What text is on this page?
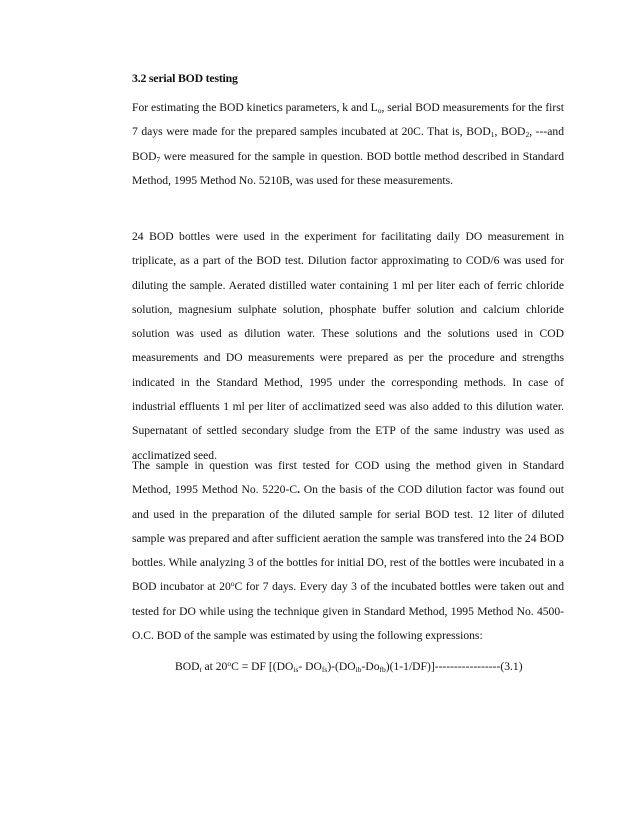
3.2 serial BOD testing

For estimating the BOD kinetics parameters, k and $L_o$, serial BOD measurements for the first 7 days were made for the prepared samples incubated at 20C. That is, $BOD_1$, $BOD_2$, ---and $BOD_7$ were measured for the sample in question. BOD bottle method described in Standard Method, 1995 Method No. 5210B, was used for these measurements.

24 BOD bottles were used in the experiment for facilitating daily DO measurement in triplicate, as a part of the BOD test. Dilution factor approximating to COD/6 was used for diluting the sample. Aerated distilled water containing 1 ml per liter each of ferric chloride solution, magnesium sulphate solution, phosphate buffer solution and calcium chloride solution was used as dilution water. These solutions and the solutions used in COD measurements and DO measurements were prepared as per the procedure and strengths indicated in the Standard Method, 1995 under the corresponding methods. In case of industrial effluents 1 ml per liter of acclimatized seed was also added to this dilution water. Supernatant of settled secondary sludge from the ETP of the same industry was used as acclimatized seed.

The sample in question was first tested for COD using the method given in Standard Method, 1995 Method No. 5220-C. On the basis of the COD dilution factor was found out and used in the preparation of the diluted sample for serial BOD test. 12 liter of diluted sample was prepared and after sufficient aeration the sample was transfered into the 24 BOD bottles. While analyzing 3 of the bottles for initial DO, rest of the bottles were incubated in a BOD incubator at 20$^o$C for 7 days. Every day 3 of the incubated bottles were taken out and tested for DO while using the technique given in Standard Method, 1995 Method No. 4500-O.C. BOD of the sample was estimated by using the following expressions:

$BOD_t$ at $20^oC$ = DF [($DO_{is}-$ $DO_{fs})-(DO_{ib}-Do_{fb})(1-1/DF)]-----------------(3.1)$
